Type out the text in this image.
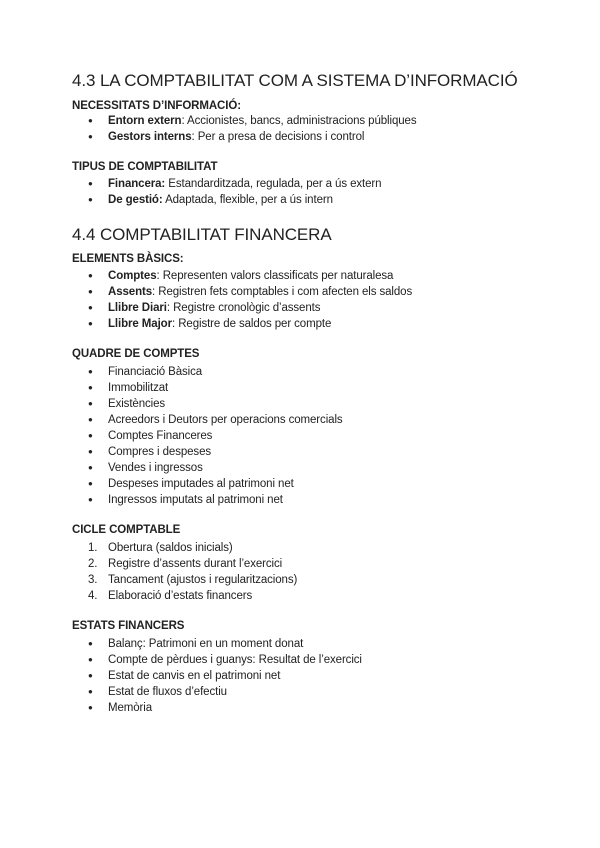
4.3 LA COMPTABILITAT COM A SISTEMA D’INFORMACIÓ
NECESSITATS D’INFORMACIÓ:
● Entorn extern: Accionistes, bancs, administracions públiques
● Gestors interns: Per a presa de decisions i control
TIPUS DE COMPTABILITAT
● Financera: Estandarditzada, regulada, per a ús extern
● De gestió: Adaptada, flexible, per a ús intern
4.4 COMPTABILITAT FINANCERA
ELEMENTS BÀSICS:
● Comptes: Representen valors classificats per naturalesa
● Assents: Registren fets comptables i com afecten els saldos
● Llibre Diari: Registre cronològic d’assents
● Llibre Major: Registre de saldos per compte
QUADRE DE COMPTES
● Financiació Bàsica
● Immobilitzat
● Existències
● Acreedors i Deutors per operacions comercials
● Comptes Financeres
● Compres i despeses
● Vendes i ingressos
● Despeses imputades al patrimoni net
● Ingressos imputats al patrimoni net
CICLE COMPTABLE
1. Obertura (saldos inicials)
2. Registre d’assents durant l’exercici
3. Tancament (ajustos i regularitzacions)
4. Elaboració d’estats financers
ESTATS FINANCERS
● Balanç: Patrimoni en un moment donat
● Compte de pèrdues i guanys: Resultat de l’exercici
● Estat de canvis en el patrimoni net
● Estat de fluxos d’efectiu
● Memòria
